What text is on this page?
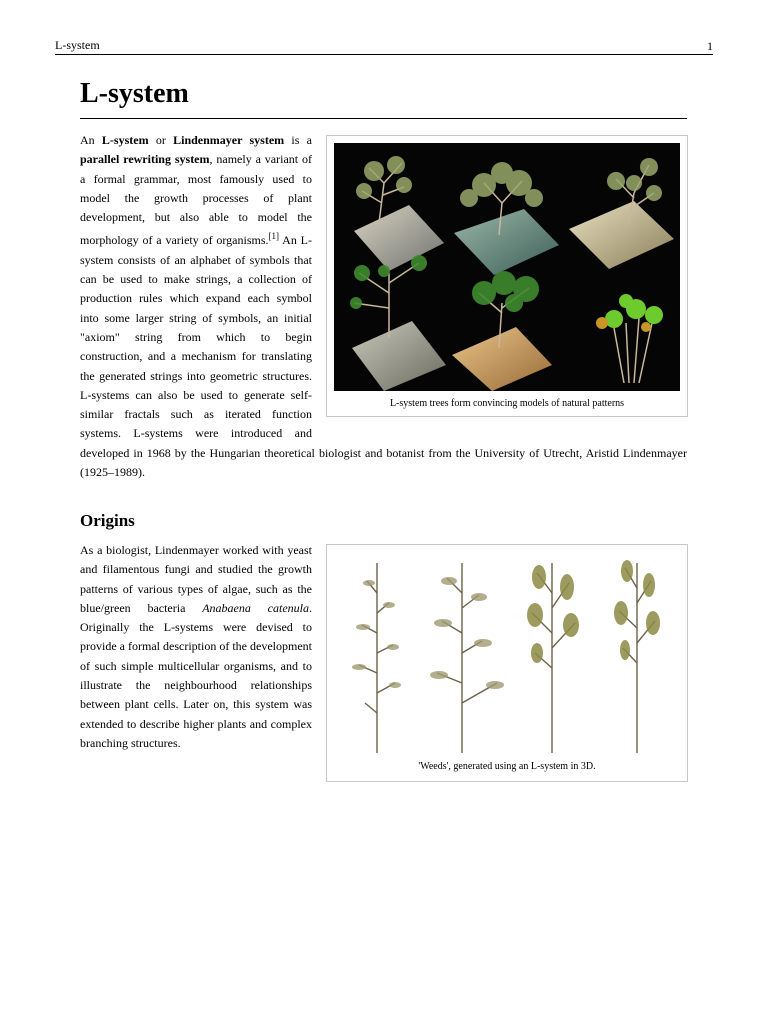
L-system	1
L-system

An L-system or Lindenmayer system is a parallel rewriting system, namely a variant of a formal grammar, most famously used to model the growth processes of plant development, but also able to model the morphology of a variety of organisms.[1] An L-system consists of an alphabet of symbols that can be used to make strings, a collection of production rules which expand each symbol into some larger string of symbols, an initial "axiom" string from which to begin construction, and a mechanism for translating the generated strings into geometric structures. L-systems can also be used to generate self-similar fractals such as iterated function systems. L-systems were introduced and developed in 1968 by the Hungarian theoretical biologist and botanist from the University of Utrecht, Aristid Lindenmayer (1925–1989).

L-system trees form convincing models of natural patterns
Origins

As a biologist, Lindenmayer worked with yeast and filamentous fungi and studied the growth patterns of various types of algae, such as the blue/green bacteria Anabaena catenula. Originally the L-systems were devised to provide a formal description of the development of such simple multicellular organisms, and to illustrate the neighbourhood relationships between plant cells. Later on, this system was extended to describe higher plants and complex branching structures.

'Weeds', generated using an L-system in 3D.
